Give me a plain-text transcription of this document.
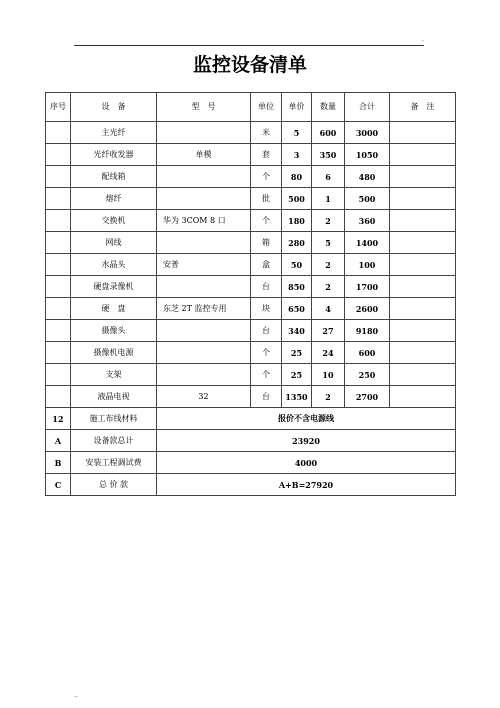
.
监控设备清单
序号	设　备	型　号	单位	单价	数量	合计	备　注
	主光纤		米	5	600	3000	
	光纤收发器	单模	套	3	350	1050	
	配线箱		个	80	6	480	
	熔纤		批	500	1	500	
	交换机	华为 3COM 8 口	个	180	2	360	
	网线		箱	280	5	1400	
	水晶头	安普	盒	50	2	100	
	硬盘录像机		台	850	2	1700	
	硬　盘	东芝 2T 监控专用	块	650	4	2600	
	摄像头		台	340	27	9180	
	摄像机电源		个	25	24	600	
	支架		个	25	10	250	
	液晶电视	32	台	1350	2	2700	
12	施工布线材料	报价不含电源线					
A	设备款总计	23920					
B	安装工程调试费	4000					
C	总 价 款	A+B=27920					
··
